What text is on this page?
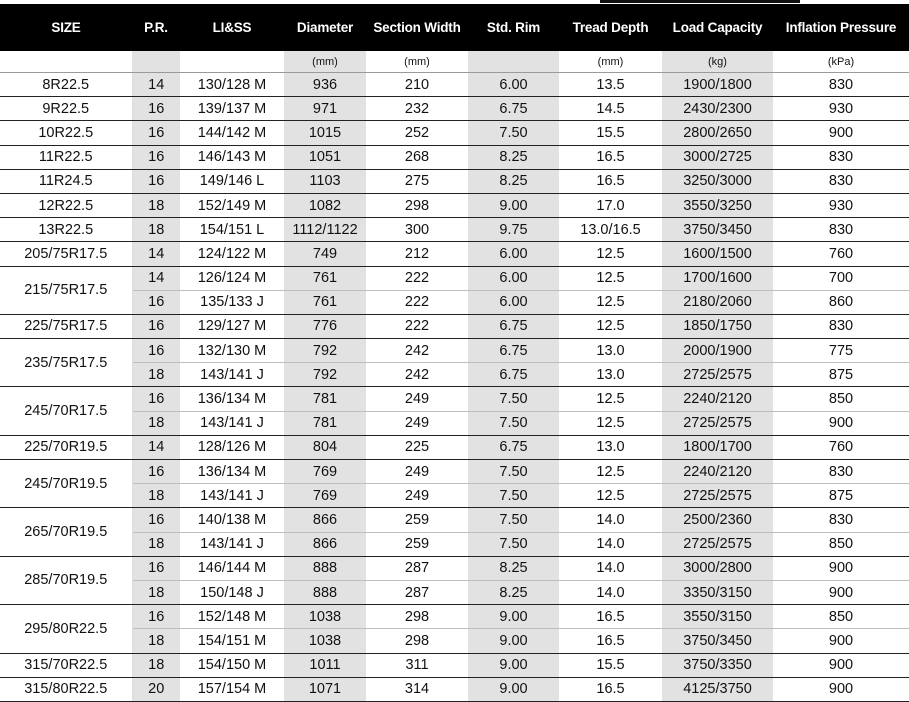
SIZE	P.R.	LI&SS	Diameter	Section Width	Std. Rim	Tread Depth	Load Capacity	Inflation Pressure
			(mm)	(mm)		(mm)	(kg)	(kPa)
8R22.5	14	130/128 M	936	210	6.00	13.5	1900/1800	830
9R22.5	16	139/137 M	971	232	6.75	14.5	2430/2300	930
10R22.5	16	144/142 M	1015	252	7.50	15.5	2800/2650	900
11R22.5	16	146/143 M	1051	268	8.25	16.5	3000/2725	830
11R24.5	16	149/146 L	1103	275	8.25	16.5	3250/3000	830
12R22.5	18	152/149 M	1082	298	9.00	17.0	3550/3250	930
13R22.5	18	154/151 L	1112/1122	300	9.75	13.0/16.5	3750/3450	830
205/75R17.5	14	124/122 M	749	212	6.00	12.5	1600/1500	760
215/75R17.5	14	126/124 M	761	222	6.00	12.5	1700/1600	700
	16	135/133 J	761	222	6.00	12.5	2180/2060	860
225/75R17.5	16	129/127 M	776	222	6.75	12.5	1850/1750	830
235/75R17.5	16	132/130 M	792	242	6.75	13.0	2000/1900	775
	18	143/141 J	792	242	6.75	13.0	2725/2575	875
245/70R17.5	16	136/134 M	781	249	7.50	12.5	2240/2120	850
	18	143/141 J	781	249	7.50	12.5	2725/2575	900
225/70R19.5	14	128/126 M	804	225	6.75	13.0	1800/1700	760
245/70R19.5	16	136/134 M	769	249	7.50	12.5	2240/2120	830
	18	143/141 J	769	249	7.50	12.5	2725/2575	875
265/70R19.5	16	140/138 M	866	259	7.50	14.0	2500/2360	830
	18	143/141 J	866	259	7.50	14.0	2725/2575	850
285/70R19.5	16	146/144 M	888	287	8.25	14.0	3000/2800	900
	18	150/148 J	888	287	8.25	14.0	3350/3150	900
295/80R22.5	16	152/148 M	1038	298	9.00	16.5	3550/3150	850
	18	154/151 M	1038	298	9.00	16.5	3750/3450	900
315/70R22.5	18	154/150 M	1011	311	9.00	15.5	3750/3350	900
315/80R22.5	20	157/154 M	1071	314	9.00	16.5	4125/3750	900
